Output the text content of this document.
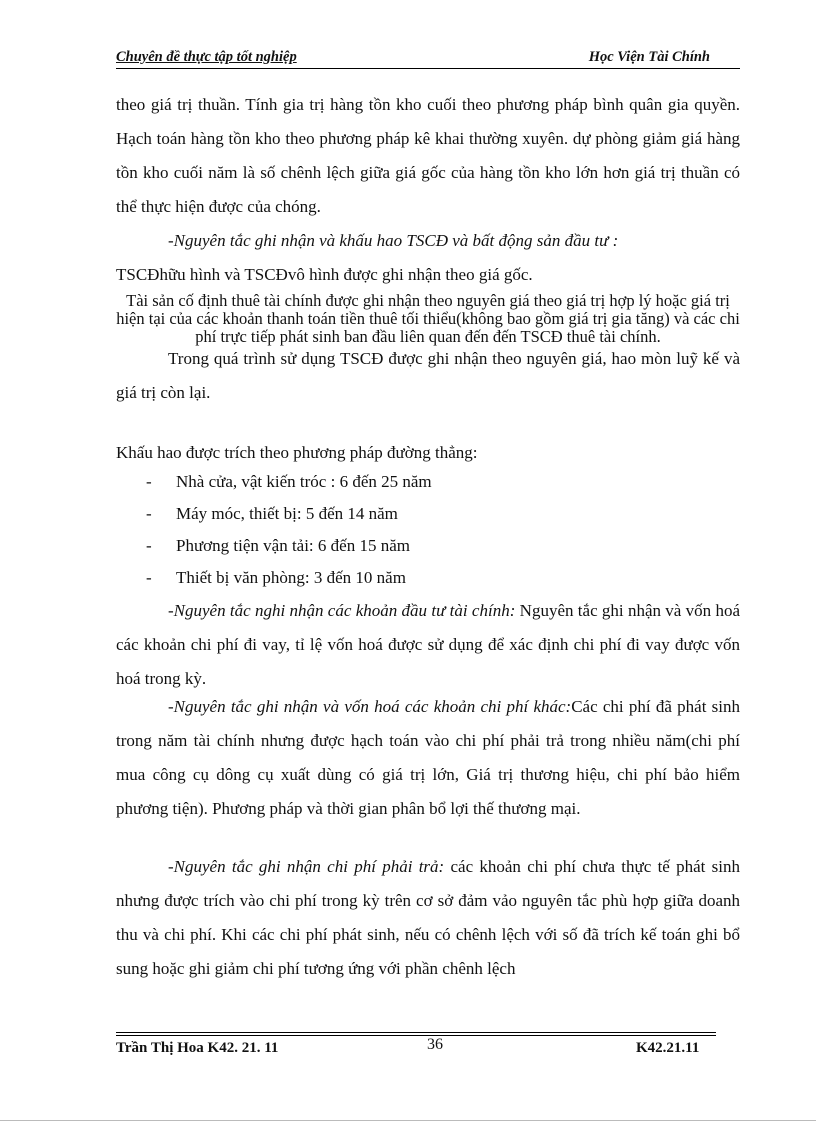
Chuyên đề thực tập tốt nghiệp	Học Viện Tài Chính

theo giá trị thuần. Tính gia trị hàng tồn kho cuối theo phương pháp bình quân gia quyền. Hạch toán hàng tồn kho theo phương pháp kê khai thường xuyên. dự phòng giảm giá hàng tồn kho cuối năm là số chênh lệch giữa giá gốc của hàng tồn kho lớn hơn giá trị thuần có thể thực hiện được của chóng.

-Nguyên tắc ghi nhận và khấu hao TSCĐ và bất động sản đầu tư :
TSCĐhữu hình và TSCĐvô hình được ghi nhận theo giá gốc.

Tài sản cố định thuê tài chính được ghi nhận theo nguyên giá theo giá trị hợp lý hoặc giá trị hiện tại của các khoản thanh toán tiền thuê tối thiểu(không bao gồm giá trị gia tăng) và các chi phí trực tiếp phát sinh ban đầu liên quan đến đến TSCĐ thuê tài chính.

Trong quá trình sử dụng TSCĐ được ghi nhận theo nguyên giá, hao mòn luỹ kế và giá trị còn lại.

Khấu hao được trích theo phương pháp đường thẳng:

- Nhà cửa, vật kiến tróc : 6 đến 25 năm

- Máy móc, thiết bị: 5 đến 14 năm

- Phương tiện vận tải: 6 đến 15 năm

- Thiết bị văn phòng: 3 đến 10 năm

-Nguyên tắc nghi nhận các khoản đầu tư tài chính: Nguyên tắc ghi nhận và vốn hoá các khoản chi phí đi vay, tỉ lệ vốn hoá được sử dụng để xác định chi phí đi vay được vốn hoá trong kỳ.

-Nguyên tắc ghi nhận và vốn hoá các khoản chi phí khác:Các chi phí đã phát sinh trong năm tài chính nhưng được hạch toán vào chi phí phải trả trong nhiều năm(chi phí mua công cụ dông cụ xuất dùng có giá trị lớn, Giá trị thương hiệu, chi phí bảo hiểm phương tiện). Phương pháp và thời gian phân bổ lợi thế thương mại.

-Nguyên tắc ghi nhận chi phí phải trả: các khoản chi phí chưa thực tế phát sinh nhưng được trích vào chi phí trong kỳ trên cơ sở đảm vảo nguyên tắc phù hợp giữa doanh thu và chi phí. Khi các chi phí phát sinh, nếu có chênh lệch với số đã trích kế toán ghi bổ sung hoặc ghi giảm chi phí tương ứng với phần chênh lệch

Trần Thị Hoa K42. 21. 11	36	K42.21.11
